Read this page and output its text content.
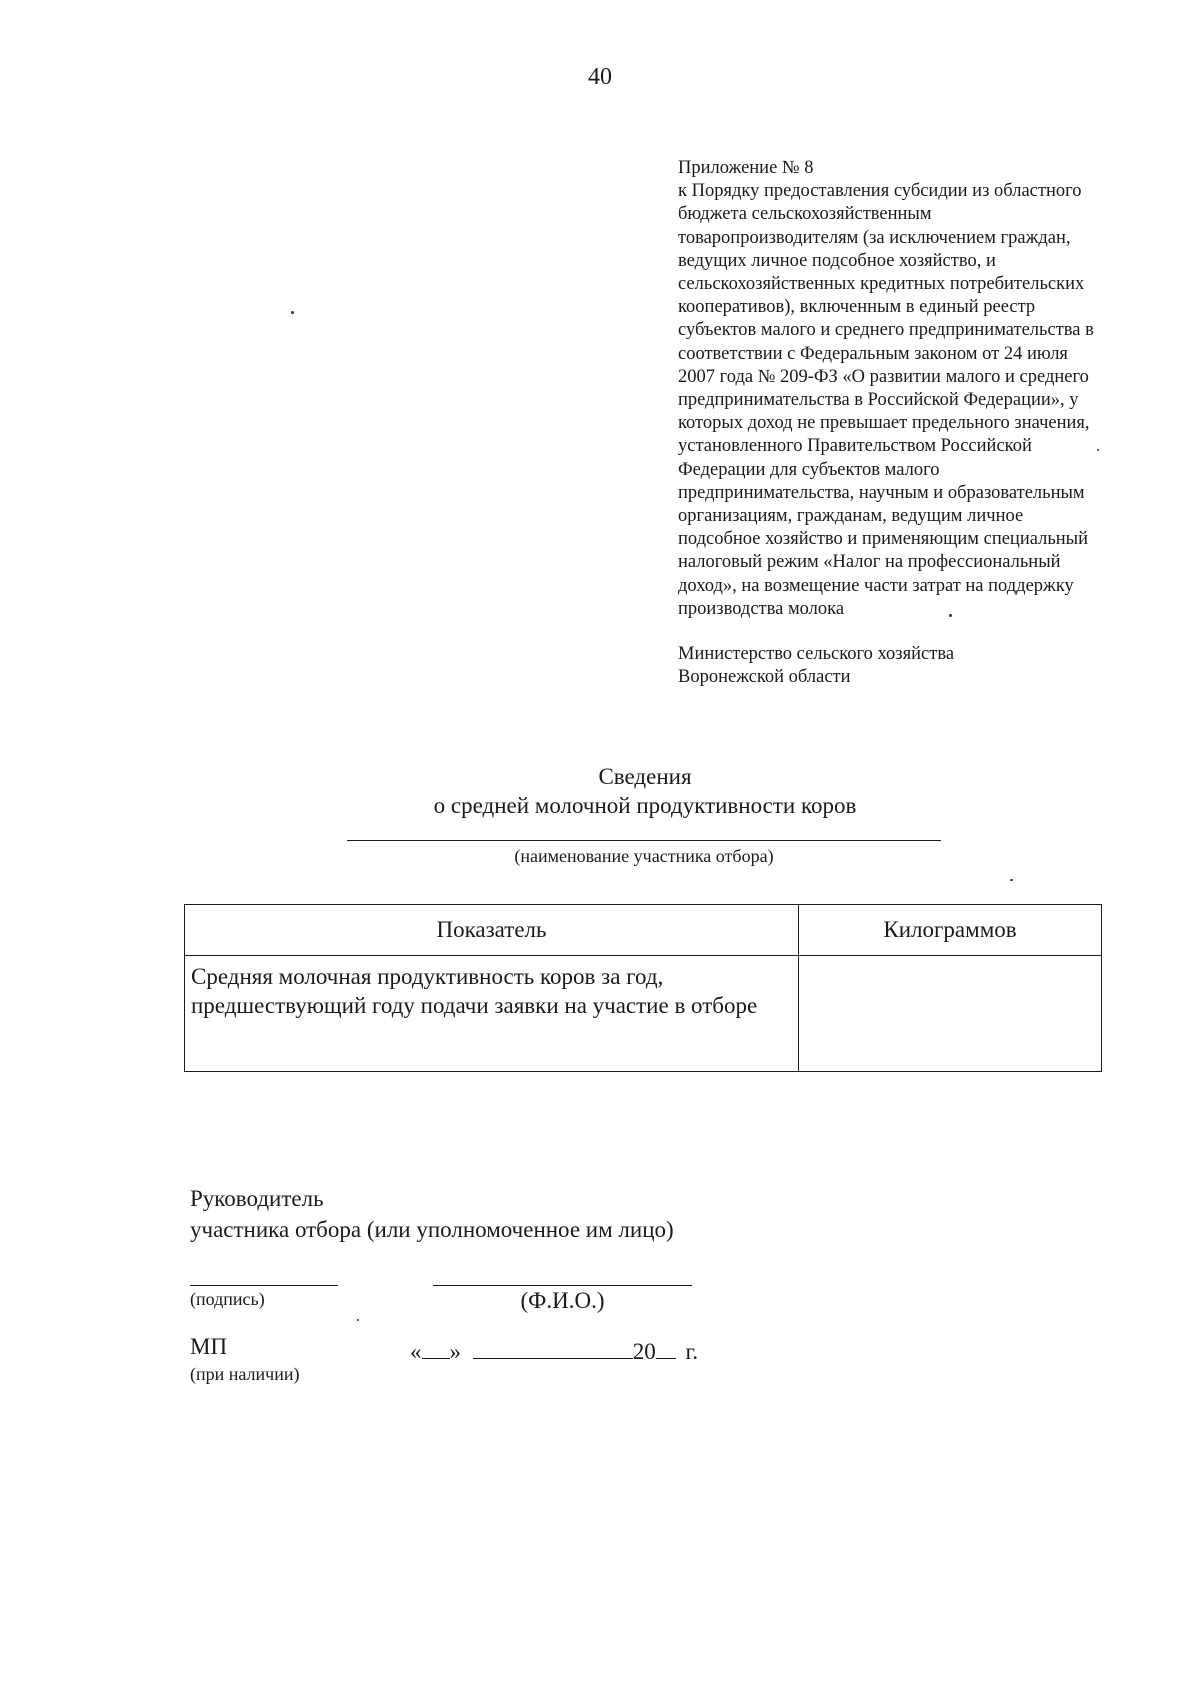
40
Приложение № 8
к Порядку предоставления субсидии из областного
бюджета сельскохозяйственным
товаропроизводителям (за исключением граждан,
ведущих личное подсобное хозяйство, и
сельскохозяйственных кредитных потребительских
кооперативов), включенным в единый реестр
субъектов малого и среднего предпринимательства в
соответствии с Федеральным законом от 24 июля
2007 года № 209-ФЗ «О развитии малого и среднего
предпринимательства в Российской Федерации», у
которых доход не превышает предельного значения,
установленного Правительством Российской
Федерации для субъектов малого
предпринимательства, научным и образовательным
организациям, гражданам, ведущим личное
подсобное хозяйство и применяющим специальный
налоговый режим «Налог на профессиональный
доход», на возмещение части затрат на поддержку
производства молока
Министерство сельского хозяйства
Воронежской области
Сведения
о средней молочной продуктивности коров
(наименование участника отбора)
Показатель	Килограммов
Средняя молочная продуктивность коров за год, предшествующий году подачи заявки на участие в отборе	
Руководитель
участника отбора (или уполномоченное им лицо)
(подпись)	(Ф.И.О.)
МП
(при наличии)
« »	20 г.
